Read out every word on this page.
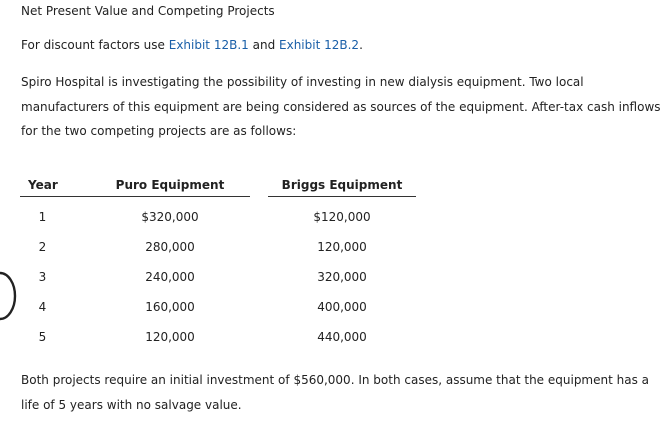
Net Present Value and Competing Projects
For discount factors use Exhibit 12B.1 and Exhibit 12B.2.
Spiro Hospital is investigating the possibility of investing in new dialysis equipment. Two local manufacturers of this equipment are being considered as sources of the equipment. After-tax cash inflows for the two competing projects are as follows:
Year		Puro Equipment		Briggs Equipment
1		$320,000		$120,000
2		280,000		120,000
3		240,000		320,000
4		160,000		400,000
5		120,000		440,000
Both projects require an initial investment of $560,000. In both cases, assume that the equipment has a life of 5 years with no salvage value.
